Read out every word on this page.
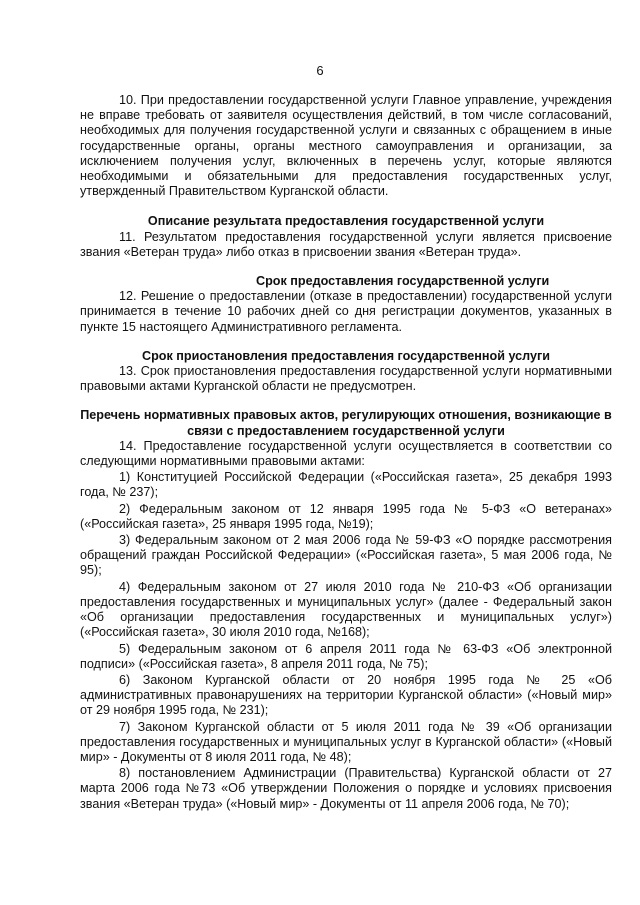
6

10. При предоставлении государственной услуги Главное управление, учреждения не вправе требовать от заявителя осуществления действий, в том числе согласований, необходимых для получения государственной услуги и связанных с обращением в иные государственные органы, органы местного самоуправления и организации, за исключением получения услуг, включенных в перечень услуг, которые являются необходимыми и обязательными для предоставления государственных услуг, утвержденный Правительством Курганской области.

Описание результата предоставления государственной услуги

11. Результатом предоставления государственной услуги является присвоение звания «Ветеран труда» либо отказ в присвоении звания «Ветеран труда».

Срок предоставления государственной услуги

12. Решение о предоставлении (отказе в предоставлении) государственной услуги принимается в течение 10 рабочих дней со дня регистрации документов, указанных в пункте 15 настоящего Административного регламента.

Срок приостановления предоставления государственной услуги

13. Срок приостановления предоставления государственной услуги нормативными правовыми актами Курганской области не предусмотрен.

Перечень нормативных правовых актов, регулирующих отношения, возникающие в связи с предоставлением государственной услуги

14. Предоставление государственной услуги осуществляется в соответствии со следующими нормативными правовыми актами:

1) Конституцией Российской Федерации («Российская газета», 25 декабря 1993 года, № 237);

2) Федеральным законом от 12 января 1995 года № 5-ФЗ «О ветеранах» («Российская газета», 25 января 1995 года, №19);

3) Федеральным законом от 2 мая 2006 года № 59-ФЗ «О порядке рассмотрения обращений граждан Российской Федерации» («Российская газета», 5 мая 2006 года, № 95);

4) Федеральным законом от 27 июля 2010 года № 210-ФЗ «Об организации предоставления государственных и муниципальных услуг» (далее - Федеральный закон «Об организации предоставления государственных и муниципальных услуг») («Российская газета», 30 июля 2010 года, №168);

5) Федеральным законом от 6 апреля 2011 года № 63-ФЗ «Об электронной подписи» («Российская газета», 8 апреля 2011 года, № 75);

6) Законом Курганской области от 20 ноября 1995 года № 25 «Об административных правонарушениях на территории Курганской области» («Новый мир» от 29 ноября 1995 года, № 231);

7) Законом Курганской области от 5 июля 2011 года № 39 «Об организации предоставления государственных и муниципальных услуг в Курганской области» («Новый мир» - Документы от 8 июля 2011 года, № 48);

8) постановлением Администрации (Правительства) Курганской области от 27 марта 2006 года №73 «Об утверждении Положения о порядке и условиях присвоения звания «Ветеран труда» («Новый мир» - Документы от 11 апреля 2006 года, № 70);
